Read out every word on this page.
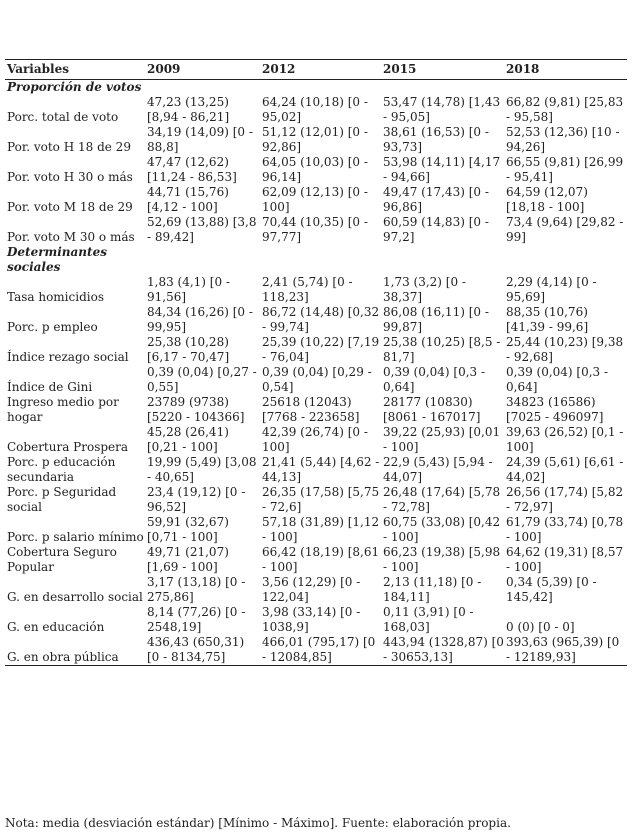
Variables	2009	2012	2015	2018
Proporción de votos				
Porc. total de voto	47,23 (13,25) [8,94 - 86,21]	64,24 (10,18) [0 - 95,02]	53,47 (14,78) [1,43 - 95,05]	66,82 (9,81) [25,83 - 95,58]
Por. voto H 18 de 29	34,19 (14,09) [0 - 88,8]	51,12 (12,01) [0 - 92,86]	38,61 (16,53) [0 - 93,73]	52,53 (12,36) [10 - 94,26]
Por. voto H 30 o más	47,47 (12,62) [11,24 - 86,53]	64,05 (10,03) [0 - 96,14]	53,98 (14,11) [4,17 - 94,66]	66,55 (9,81) [26,99 - 95,41]
Por. voto M 18 de 29	44,71 (15,76) [4,12 - 100]	62,09 (12,13) [0 - 100]	49,47 (17,43) [0 - 96,86]	64,59 (12,07) [18,18 - 100]
Por. voto M 30 o más	52,69 (13,88) [3,8 - 89,42]	70,44 (10,35) [0 - 97,77]	60,59 (14,83) [0 - 97,2]	73,4 (9,64) [29,82 - 99]
Determinantes sociales				
Tasa homicidios	1,83 (4,1) [0 - 91,56]	2,41 (5,74) [0 - 118,23]	1,73 (3,2) [0 - 38,37]	2,29 (4,14) [0 - 95,69]
Porc. p empleo	84,34 (16,26) [0 - 99,95]	86,72 (14,48) [0,32 - 99,74]	86,08 (16,11) [0 - 99,87]	88,35 (10,76) [41,39 - 99,6]
Índice rezago social	25,38 (10,28) [6,17 - 70,47]	25,39 (10,22) [7,19 - 76,04]	25,38 (10,25) [8,5 - 81,7]	25,44 (10,23) [9,38 - 92,68]
Índice de Gini	0,39 (0,04) [0,27 - 0,55]	0,39 (0,04) [0,29 - 0,54]	0,39 (0,04) [0,3 - 0,64]	0,39 (0,04) [0,3 - 0,64]
Ingreso medio por hogar	23789 (9738) [5220 - 104366]	25618 (12043) [7768 - 223658]	28177 (10830) [8061 - 167017]	34823 (16586) [7025 - 496097]
Cobertura Prospera	45,28 (26,41) [0,21 - 100]	42,39 (26,74) [0 - 100]	39,22 (25,93) [0,01 - 100]	39,63 (26,52) [0,1 - 100]
Porc. p educación secundaria	19,99 (5,49) [3,08 - 40,65]	21,41 (5,44) [4,62 - 44,13]	22,9 (5,43) [5,94 - 44,07]	24,39 (5,61) [6,61 - 44,02]
Porc. p Seguridad social	23,4 (19,12) [0 - 96,52]	26,35 (17,58) [5,75 - 72,6]	26,48 (17,64) [5,78 - 72,78]	26,56 (17,74) [5,82 - 72,97]
Porc. p salario mínimo	59,91 (32,67) [0,71 - 100]	57,18 (31,89) [1,12 - 100]	60,75 (33,08) [0,42 - 100]	61,79 (33,74) [0,78 - 100]
Cobertura Seguro Popular	49,71 (21,07) [1,69 - 100]	66,42 (18,19) [8,61 - 100]	66,23 (19,38) [5,98 - 100]	64,62 (19,31) [8,57 - 100]
G. en desarrollo social	3,17 (13,18) [0 - 275,86]	3,56 (12,29) [0 - 122,04]	2,13 (11,18) [0 - 184,11]	0,34 (5,39) [0 - 145,42]
G. en educación	8,14 (77,26) [0 - 2548,19]	3,98 (33,14) [0 - 1038,9]	0,11 (3,91) [0 - 168,03]	0 (0) [0 - 0]
G. en obra pública	436,43 (650,31) [0 - 8134,75]	466,01 (795,17) [0 - 12084,85]	443,94 (1328,87) [0 - 30653,13]	393,63 (965,39) [0 - 12189,93]
Nota: media (desviación estándar) [Mínimo - Máximo]. Fuente: elaboración propia.
